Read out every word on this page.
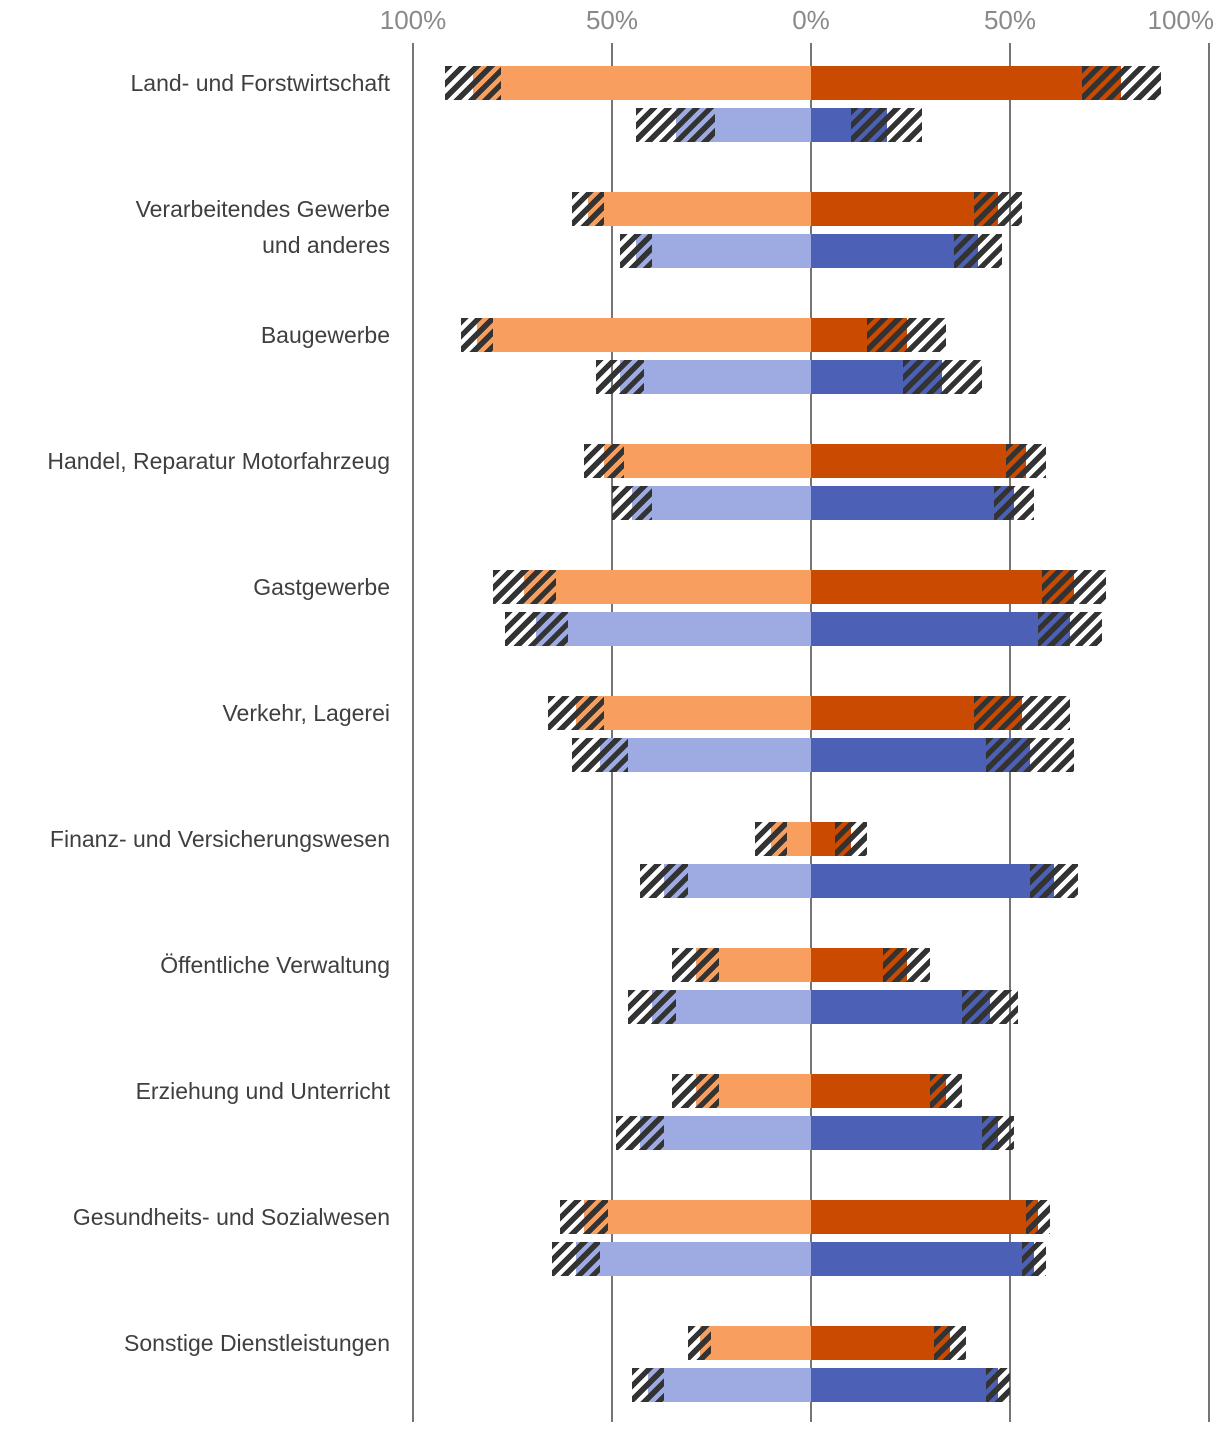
100%	50%	0%	50%	100%
Land- und Forstwirtschaft
Verarbeitendes Gewerbe
und anderes
Baugewerbe
Handel, Reparatur Motorfahrzeug
Gastgewerbe
Verkehr, Lagerei
Finanz- und Versicherungswesen
Öffentliche Verwaltung
Erziehung und Unterricht
Gesundheits- und Sozialwesen
Sonstige Dienstleistungen
